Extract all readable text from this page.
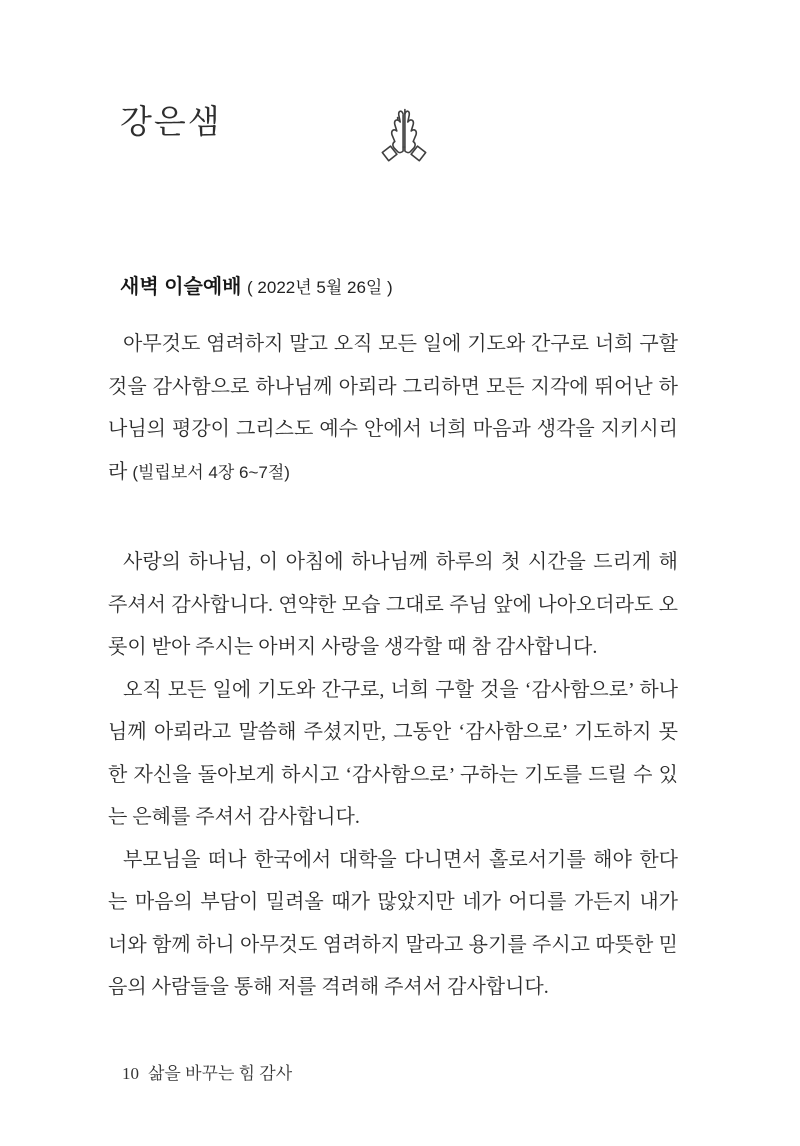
강은샘
새벽 이슬예배 ( 2022년 5월 26일 )

아무것도 염려하지 말고 오직 모든 일에 기도와 간구로 너희 구할 것을 감사함으로 하나님께 아뢰라 그리하면 모든 지각에 뛰어난 하나님의 평강이 그리스도 예수 안에서 너희 마음과 생각을 지키시리라 (빌립보서 4장 6~7절)

사랑의 하나님, 이 아침에 하나님께 하루의 첫 시간을 드리게 해 주셔서 감사합니다. 연약한 모습 그대로 주님 앞에 나아오더라도 오롯이 받아 주시는 아버지 사랑을 생각할 때 참 감사합니다.

오직 모든 일에 기도와 간구로, 너희 구할 것을 ‘감사함으로’ 하나님께 아뢰라고 말씀해 주셨지만, 그동안 ‘감사함으로’ 기도하지 못한 자신을 돌아보게 하시고 ‘감사함으로’ 구하는 기도를 드릴 수 있는 은혜를 주셔서 감사합니다.

부모님을 떠나 한국에서 대학을 다니면서 홀로서기를 해야 한다는 마음의 부담이 밀려올 때가 많았지만 네가 어디를 가든지 내가 너와 함께 하니 아무것도 염려하지 말라고 용기를 주시고 따뜻한 믿음의 사람들을 통해 저를 격려해 주셔서 감사합니다.

10 삶을 바꾸는 힘 감사
